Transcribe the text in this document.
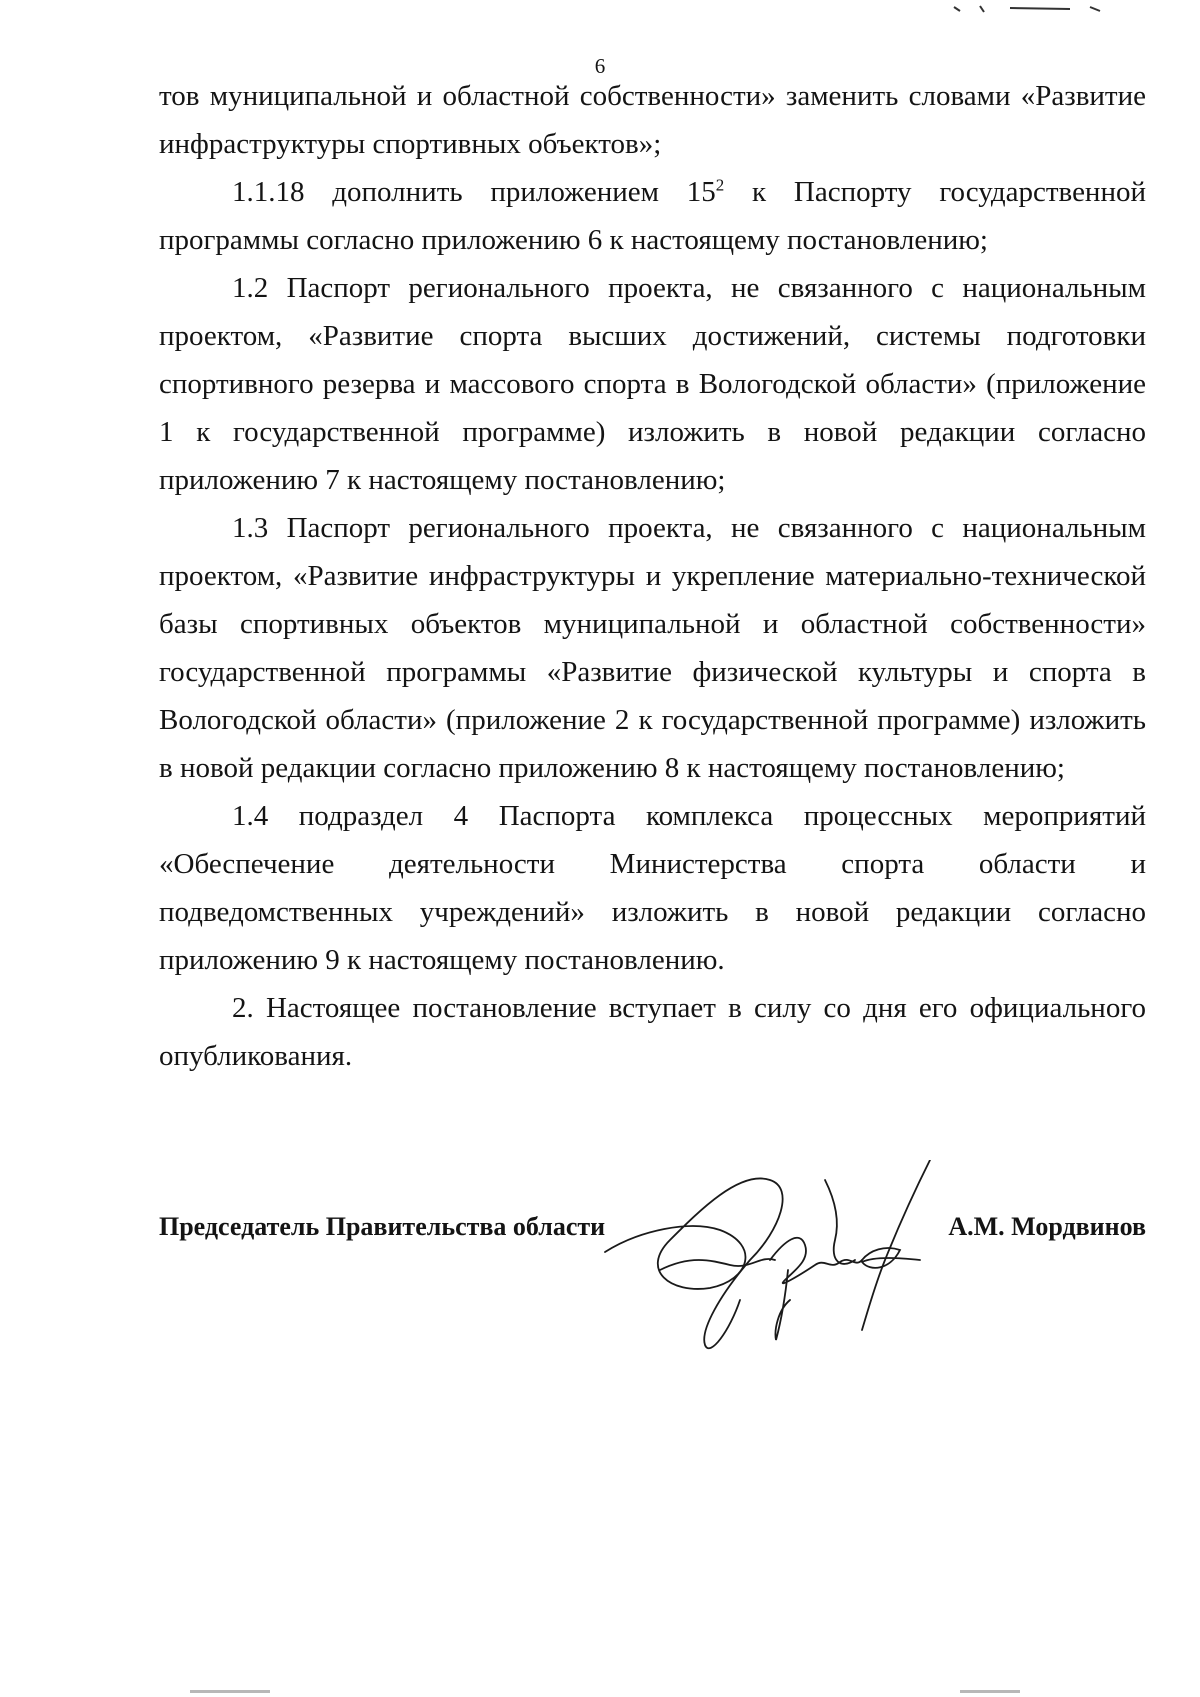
6

тов муниципальной и областной собственности» заменить словами «Развитие инфраструктуры спортивных объектов»;

1.1.18 дополнить приложением $15^2$ к Паспорту государственной программы согласно приложению 6 к настоящему постановлению;

1.2 Паспорт регионального проекта, не связанного с национальным проектом, «Развитие спорта высших достижений, системы подготовки спортивного резерва и массового спорта в Вологодской области» (приложение 1 к государственной программе) изложить в новой редакции согласно приложению 7 к настоящему постановлению;

1.3 Паспорт регионального проекта, не связанного с национальным проектом, «Развитие инфраструктуры и укрепление материально-технической базы спортивных объектов муниципальной и областной собственности» государственной программы «Развитие физической культуры и спорта в Вологодской области» (приложение 2 к государственной программе) изложить в новой редакции согласно приложению 8 к настоящему постановлению;

1.4 подраздел 4 Паспорта комплекса процессных мероприятий «Обеспечение деятельности Министерства спорта области и подведомственных учреждений» изложить в новой редакции согласно приложению 9 к настоящему постановлению.

2. Настоящее постановление вступает в силу со дня его официального опубликования.

Председатель Правительства области	А.М. Мордвинов
